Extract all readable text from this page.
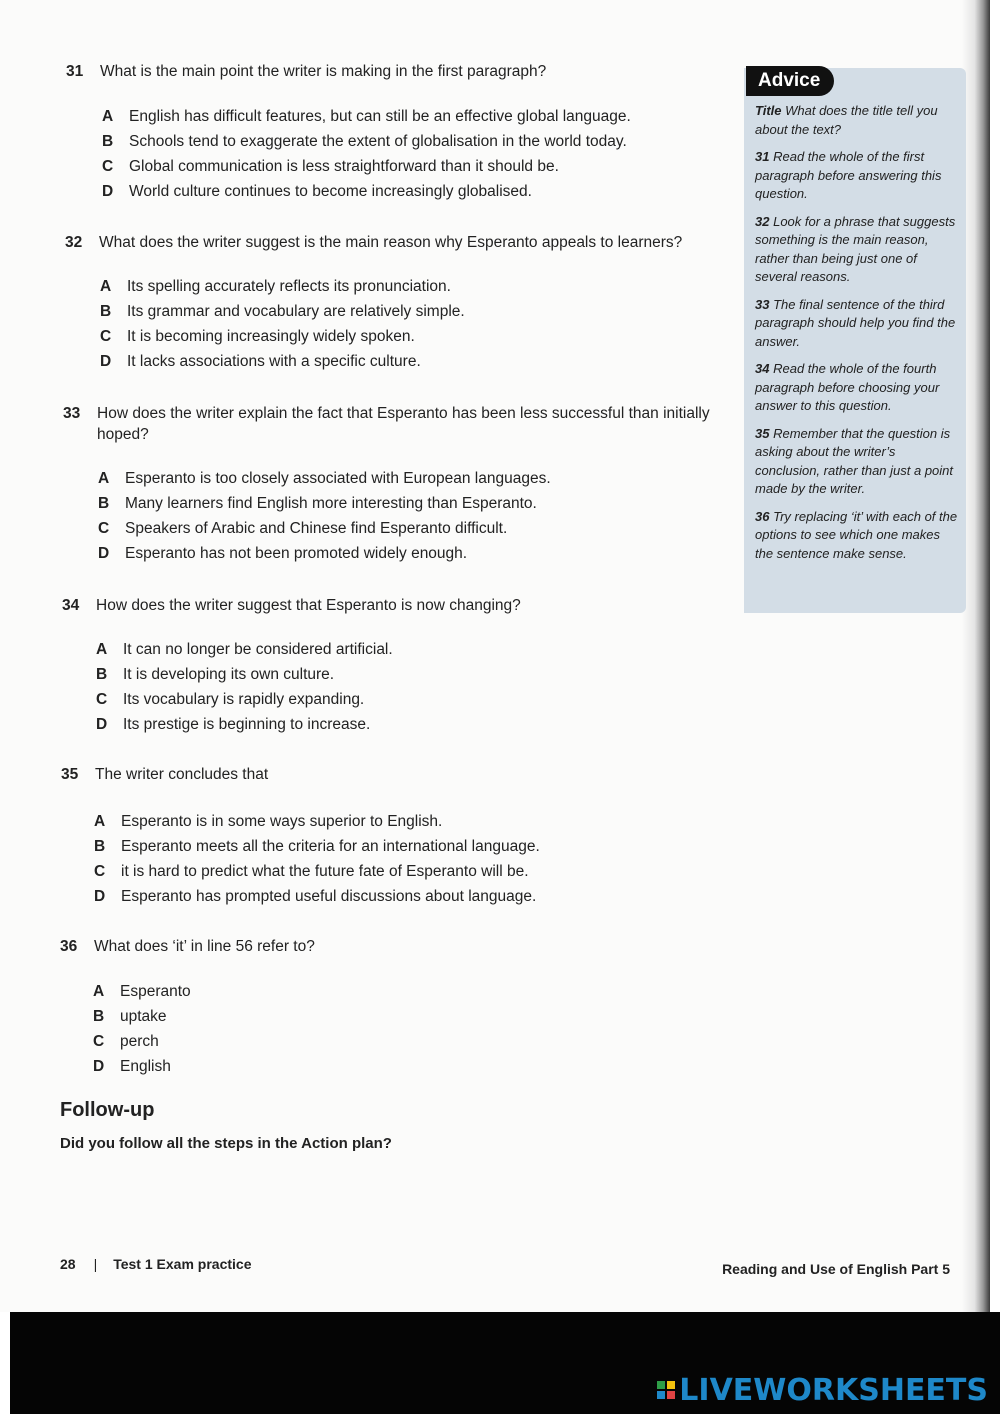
31 What is the main point the writer is making in the first paragraph?
A	English has difficult features, but can still be an effective global language.
B	Schools tend to exaggerate the extent of globalisation in the world today.
C	Global communication is less straightforward than it should be.
D	World culture continues to become increasingly globalised.
32 What does the writer suggest is the main reason why Esperanto appeals to learners?
A	Its spelling accurately reflects its pronunciation.
B	Its grammar and vocabulary are relatively simple.
C	It is becoming increasingly widely spoken.
D	It lacks associations with a specific culture.
33 How does the writer explain the fact that Esperanto has been less successful than initially hoped?
A	Esperanto is too closely associated with European languages.
B	Many learners find English more interesting than Esperanto.
C	Speakers of Arabic and Chinese find Esperanto difficult.
D	Esperanto has not been promoted widely enough.
34 How does the writer suggest that Esperanto is now changing?
A	It can no longer be considered artificial.
B	It is developing its own culture.
C	Its vocabulary is rapidly expanding.
D	Its prestige is beginning to increase.
35 The writer concludes that
A	Esperanto is in some ways superior to English.
B	Esperanto meets all the criteria for an international language.
C	it is hard to predict what the future fate of Esperanto will be.
D	Esperanto has prompted useful discussions about language.
36 What does ‘it’ in line 56 refer to?
A	Esperanto
B	uptake
C	perch
D	English
Advice
Title What does the title tell you about the text?
31 Read the whole of the first paragraph before answering this question.
32 Look for a phrase that suggests something is the main reason, rather than being just one of several reasons.
33 The final sentence of the third paragraph should help you find the answer.
34 Read the whole of the fourth paragraph before choosing your answer to this question.
35 Remember that the question is asking about the writer’s conclusion, rather than just a point made by the writer.
36 Try replacing ‘it’ with each of the options to see which one makes the sentence make sense.
Follow-up
Did you follow all the steps in the Action plan?
28 | Test 1 Exam practice	Reading and Use of English Part 5
LIVEWORKSHEETS
